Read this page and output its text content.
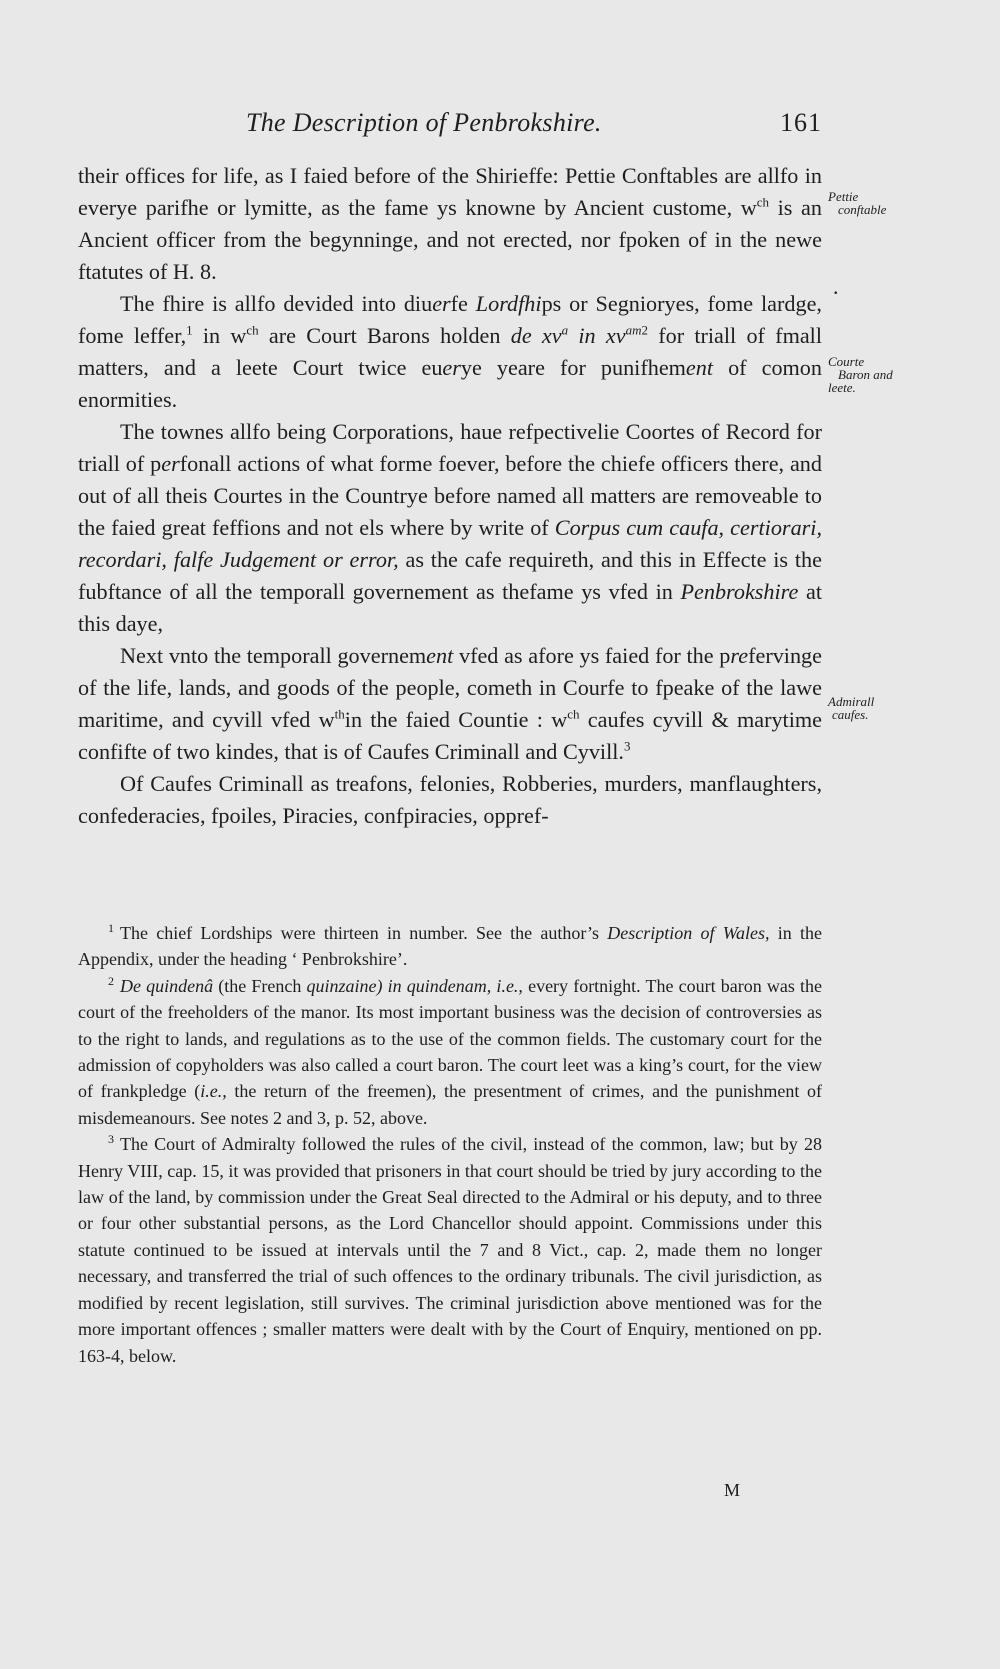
The Description of Penbrokshire.	161
Pettie
conftable
Courte
Baron and
leete.
Admirall
caufes.
.

their offices for life, as I faied before of the Shirieffe: Pettie Conftables are allfo in everye parifhe or lymitte, as the fame ys knowne by Ancient custome, $w^{ch}$ is an Ancient officer from the begynninge, and not erected, nor fpoken of in the newe ftatutes of H. 8.

The fhire is allfo devided into diuerfe Lordfhips or Segnioryes, fome lardge, fome leffer,$^1$ in $w^{ch}$ are Court Barons holden de $xv^a$ in $xv^{am2}$ for triall of fmall matters, and a leete Court twice euerye yeare for punifhement of comon enormities.

The townes allfo being Corporations, haue refpectivelie Coortes of Record for triall of perfonall actions of what forme foever, before the chiefe officers there, and out of all theis Courtes in the Countrye before named all matters are removeable to the faied great feffions and not els where by write of Corpus cum caufa, certiorari, recordari, falfe Judgement or error, as the cafe requireth, and this in Effecte is the fubftance of all the temporall governement as thefame ys vfed in Penbrokshire at this daye,

Next vnto the temporall governement vfed as afore ys faied for the prefervinge of the life, lands, and goods of the people, cometh in Courfe to fpeake of the lawe maritime, and cyvill vfed $w^{th}in$ the faied Countie : $w^{ch}$ caufes cyvill & marytime confifte of two kindes, that is of Caufes Criminall and Cyvill.$^3$

Of Caufes Criminall as treafons, felonies, Robberies, murders, manflaughters, confederacies, fpoiles, Piracies, confpiracies, oppref-

$^1$ The chief Lordships were thirteen in number. See the author’s Description of Wales, in the Appendix, under the heading ‘ Penbrokshire’.

$^2$ De quindenâ (the French quinzaine) in quindenam, i.e., every fortnight. The court baron was the court of the freeholders of the manor. Its most important business was the decision of controversies as to the right to lands, and regulations as to the use of the common fields. The customary court for the admission of copyholders was also called a court baron. The court leet was a king’s court, for the view of frankpledge (i.e., the return of the freemen), the presentment of crimes, and the punishment of misdemeanours. See notes 2 and 3, p. 52, above.

$^3$ The Court of Admiralty followed the rules of the civil, instead of the common, law; but by 28 Henry VIII, cap. 15, it was provided that prisoners in that court should be tried by jury according to the law of the land, by commission under the Great Seal directed to the Admiral or his deputy, and to three or four other substantial persons, as the Lord Chancellor should appoint. Commissions under this statute continued to be issued at intervals until the 7 and 8 Vict., cap. 2, made them no longer necessary, and transferred the trial of such offences to the ordinary tribunals. The civil jurisdiction, as modified by recent legislation, still survives. The criminal jurisdiction above mentioned was for the more important offences ; smaller matters were dealt with by the Court of Enquiry, mentioned on pp. 163-4, below.

M
